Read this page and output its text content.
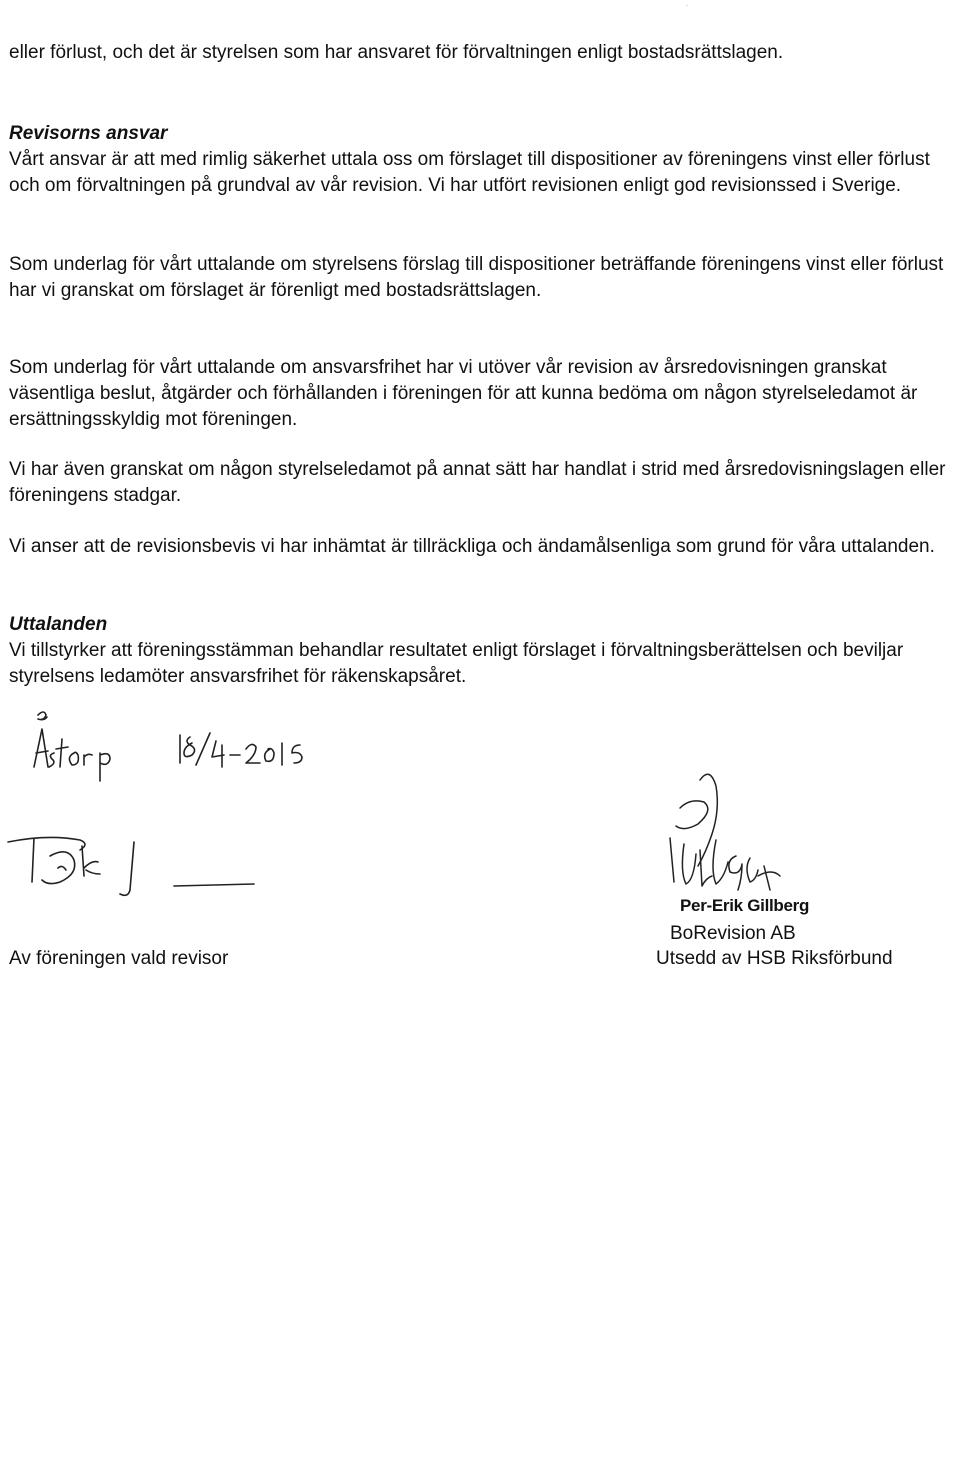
˙

eller förlust, och det är styrelsen som har ansvaret för förvaltningen enligt bostadsrättslagen.

Revisorns ansvar
Vårt ansvar är att med rimlig säkerhet uttala oss om förslaget till dispositioner av föreningens vinst eller förlust och om förvaltningen på grundval av vår revision. Vi har utfört revisionen enligt god revisionssed i Sverige.

Som underlag för vårt uttalande om styrelsens förslag till dispositioner beträffande föreningens vinst eller förlust har vi granskat om förslaget är förenligt med bostadsrättslagen.

Som underlag för vårt uttalande om ansvarsfrihet har vi utöver vår revision av årsredovisningen granskat väsentliga beslut, åtgärder och förhållanden i föreningen för att kunna bedöma om någon styrelseledamot är ersättningsskyldig mot föreningen.

Vi har även granskat om någon styrelseledamot på annat sätt har handlat i strid med årsredovisningslagen eller föreningens stadgar.

Vi anser att de revisionsbevis vi har inhämtat är tillräckliga och ändamålsenliga som grund för våra uttalanden.

Uttalanden
Vi tillstyrker att föreningsstämman behandlar resultatet enligt förslaget i förvaltningsberättelsen och beviljar styrelsens ledamöter ansvarsfrihet för räkenskapsåret.
Av föreningen vald revisor
Per-Erik Gillberg
BoRevision AB
Utsedd av HSB Riksförbund
